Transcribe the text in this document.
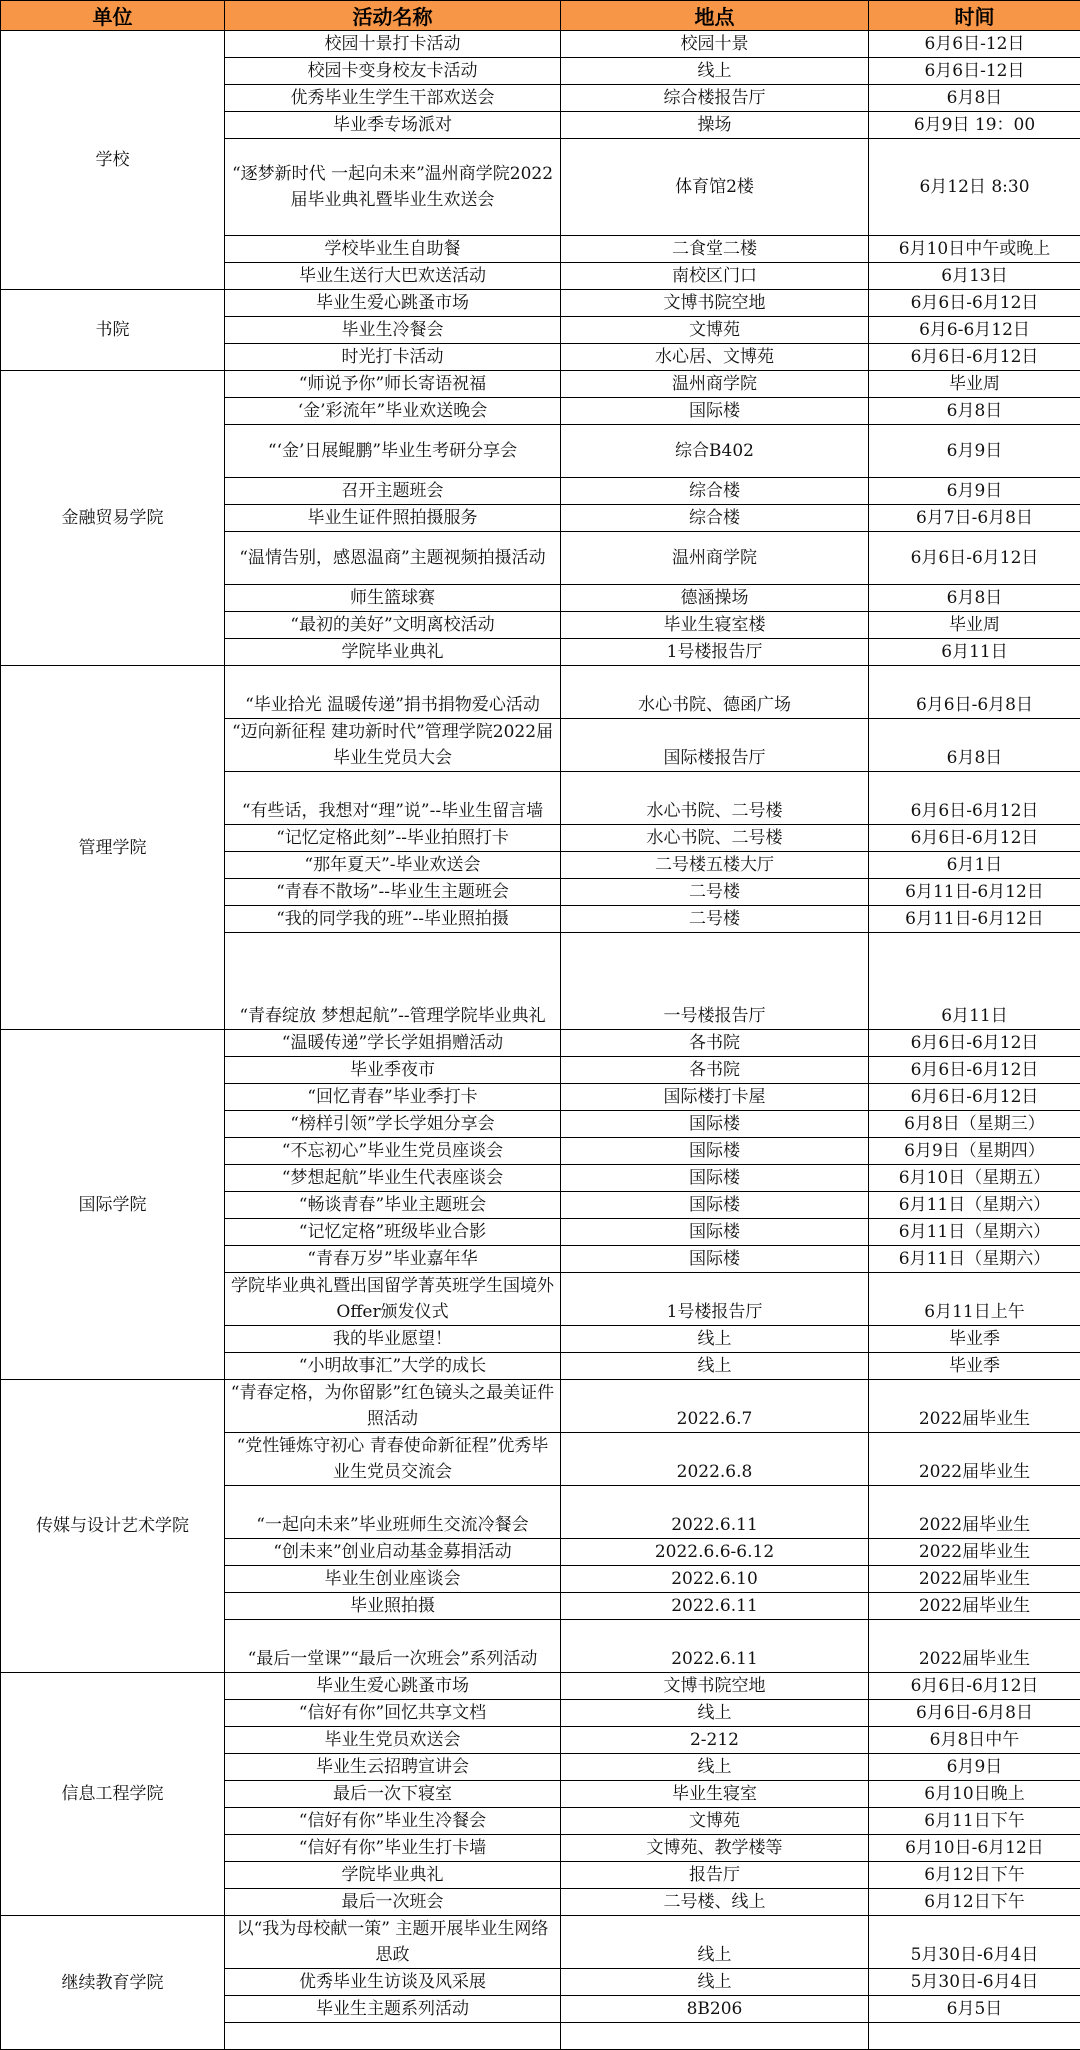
单位	活动名称	地点	时间
学校	校园十景打卡活动	校园十景	6月6日-12日
	校园卡变身校友卡活动	线上	6月6日-12日
	优秀毕业生学生干部欢送会	综合楼报告厅	6月8日
	毕业季专场派对	操场	6月9日 19：00
	“逐梦新时代 一起向未来”温州商学院2022届毕业典礼暨毕业生欢送会	体育馆2楼	6月12日 8:30
	学校毕业生自助餐	二食堂二楼	6月10日中午或晚上
	毕业生送行大巴欢送活动	南校区门口	6月13日
书院	毕业生爱心跳蚤市场	文博书院空地	6月6日-6月12日
	毕业生冷餐会	文博苑	6月6-6月12日
	时光打卡活动	水心居、文博苑	6月6日-6月12日
金融贸易学院	“师说予你”师长寄语祝福	温州商学院	毕业周
	‘金’彩流年”毕业欢送晚会	国际楼	6月8日
	“‘金’日展鲲鹏”毕业生考研分享会	综合B402	6月9日
	召开主题班会	综合楼	6月9日
	毕业生证件照拍摄服务	综合楼	6月7日-6月8日
	“温情告别，感恩温商”主题视频拍摄活动	温州商学院	6月6日-6月12日
	师生篮球赛	德涵操场	6月8日
	“最初的美好”文明离校活动	毕业生寝室楼	毕业周
	学院毕业典礼	1号楼报告厅	6月11日
管理学院	“毕业拾光 温暖传递”捐书捐物爱心活动	水心书院、德函广场	6月6日-6月8日
	“迈向新征程 建功新时代”管理学院2022届毕业生党员大会	国际楼报告厅	6月8日
	“有些话，我想对“理”说”--毕业生留言墙	水心书院、二号楼	6月6日-6月12日
	“记忆定格此刻”--毕业拍照打卡	水心书院、二号楼	6月6日-6月12日
	“那年夏天”-毕业欢送会	二号楼五楼大厅	6月1日
	“青春不散场”--毕业生主题班会	二号楼	6月11日-6月12日
	“我的同学我的班”--毕业照拍摄	二号楼	6月11日-6月12日
	“青春绽放 梦想起航”--管理学院毕业典礼	一号楼报告厅	6月11日
国际学院	“温暖传递”学长学姐捐赠活动	各书院	6月6日-6月12日
	毕业季夜市	各书院	6月6日-6月12日
	“回忆青春”毕业季打卡	国际楼打卡屋	6月6日-6月12日
	“榜样引领”学长学姐分享会	国际楼	6月8日（星期三）
	“不忘初心”毕业生党员座谈会	国际楼	6月9日（星期四）
	“梦想起航”毕业生代表座谈会	国际楼	6月10日（星期五）
	“畅谈青春”毕业主题班会	国际楼	6月11日（星期六）
	“记忆定格”班级毕业合影	国际楼	6月11日（星期六）
	“青春万岁”毕业嘉年华	国际楼	6月11日（星期六）
	学院毕业典礼暨出国留学菁英班学生国境外Offer颁发仪式	1号楼报告厅	6月11日上午
	我的毕业愿望！	线上	毕业季
	“小明故事汇”大学的成长	线上	毕业季
传媒与设计艺术学院	“青春定格，为你留影”红色镜头之最美证件照活动	2022.6.7	2022届毕业生
	“党性锤炼守初心 青春使命新征程”优秀毕业生党员交流会	2022.6.8	2022届毕业生
	“一起向未来”毕业班师生交流冷餐会	2022.6.11	2022届毕业生
	“创未来”创业启动基金募捐活动	2022.6.6-6.12	2022届毕业生
	毕业生创业座谈会	2022.6.10	2022届毕业生
	毕业照拍摄	2022.6.11	2022届毕业生
	“最后一堂课”“最后一次班会”系列活动	2022.6.11	2022届毕业生
信息工程学院	毕业生爱心跳蚤市场	文博书院空地	6月6日-6月12日
	“信好有你”回忆共享文档	线上	6月6日-6月8日
	毕业生党员欢送会	2-212	6月8日中午
	毕业生云招聘宣讲会	线上	6月9日
	最后一次下寝室	毕业生寝室	6月10日晚上
	“信好有你”毕业生冷餐会	文博苑	6月11日下午
	“信好有你”毕业生打卡墙	文博苑、教学楼等	6月10日-6月12日
	学院毕业典礼	报告厅	6月12日下午
	最后一次班会	二号楼、线上	6月12日下午
继续教育学院	以“我为母校献一策” 主题开展毕业生网络思政	线上	5月30日-6月4日
	优秀毕业生访谈及风采展	线上	5月30日-6月4日
	毕业生主题系列活动	8B206	6月5日
